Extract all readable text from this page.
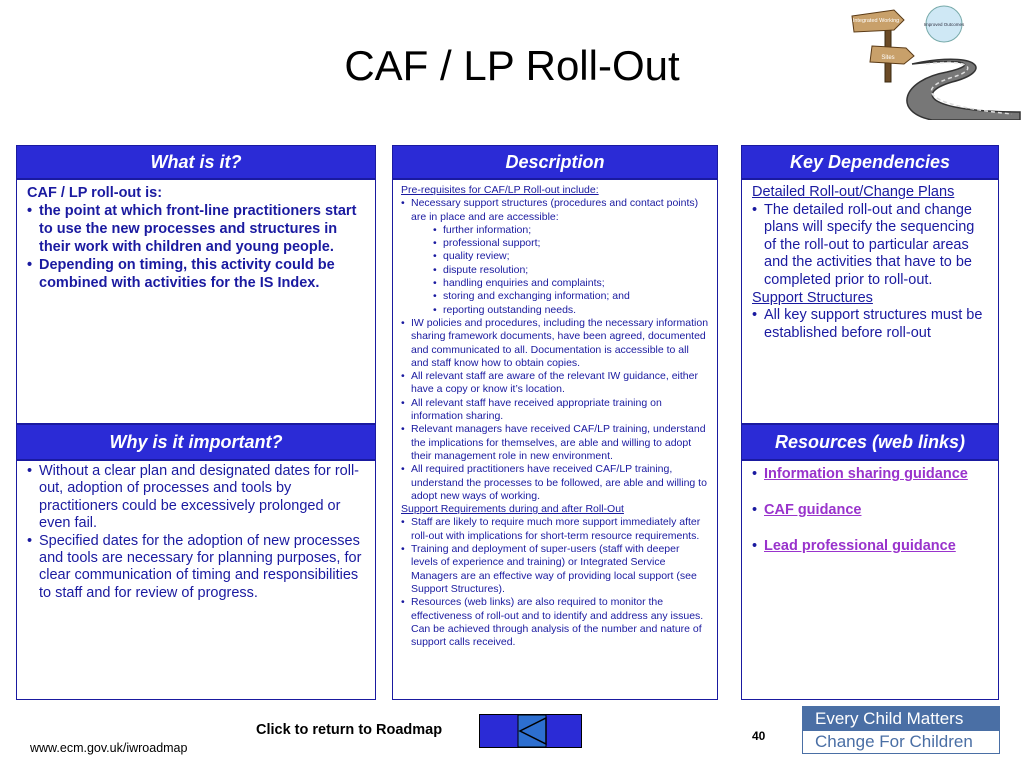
CAF / LP Roll-Out
Integrated Working
Sites
Improved Outcomes
What is it?
CAF / LP roll-out is:
• the point at which front-line practitioners start to use the new processes and structures in their work with children and young people.
• Depending on timing, this activity could be combined with activities for the IS Index.
Why is it important?
• Without a clear plan and designated dates for roll-out, adoption of processes and tools by practitioners could be excessively prolonged or even fail.
• Specified dates for the adoption of new processes and tools are necessary for planning purposes, for clear communication of timing and responsibilities to staff and for review of progress.
Description
Pre-requisites for CAF/LP Roll-out include:
• Necessary support structures (procedures and contact points) are in place and are accessible:
• further information;
• professional support;
• quality review;
• dispute resolution;
• handling enquiries and complaints;
• storing and exchanging information; and
• reporting outstanding needs.
• IW policies and procedures, including the necessary information sharing framework documents, have been agreed, documented and communicated to all. Documentation is accessible to all and staff know how to obtain copies.
• All relevant staff are aware of the relevant IW guidance, either have a copy or know it’s location.
• All relevant staff have received appropriate training on information sharing.
• Relevant managers have received CAF/LP training, understand the implications for themselves, are able and willing to adopt their management role in new environment.
• All required practitioners have received CAF/LP training, understand the processes to be followed, are able and willing to adopt new ways of working.
Support Requirements during and after Roll-Out
• Staff are likely to require much more support immediately after roll-out with implications for short-term resource requirements.
• Training and deployment of super-users (staff with deeper levels of experience and training) or Integrated Service Managers are an effective way of providing local support (see Support Structures).
• Resources (web links) are also required to monitor the effectiveness of roll-out and to identify and address any issues. Can be achieved through analysis of the number and nature of support calls received.
Key Dependencies
Detailed Roll-out/Change Plans
• The detailed roll-out and change plans will specify the sequencing of the roll-out to particular areas and the activities that have to be completed prior to roll-out.
Support Structures
• All key support structures must be established before roll-out
Resources (web links)
• Information sharing guidance
• CAF guidance
• Lead professional guidance
Click to return to Roadmap	40
www.ecm.gov.uk/iwroadmap
Every Child Matters
Change For Children
